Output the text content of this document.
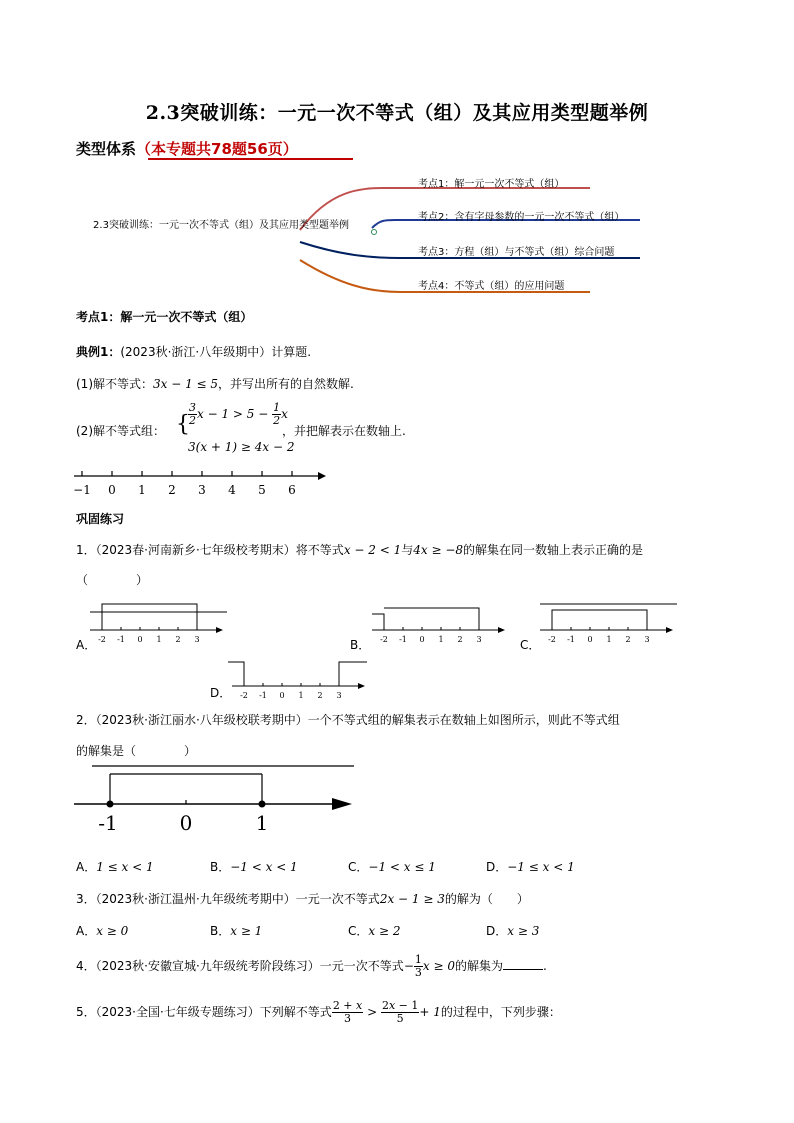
2.3突破训练：一元一次不等式（组）及其应用类型题举例
类型体系（本专题共78题56页）
2.3突破训练：一元一次不等式（组）及其应用类型题举例
考点1：解一元一次不等式（组）
考点2：含有字母参数的一元一次不等式（组）
考点3：方程（组）与不等式（组）综合问题
考点4：不等式（组）的应用问题
考点1：解一元一次不等式（组）
典例1：(2023秋·浙江·八年级期中）计算题.
(1)解不等式：3x − 1 ≤ 5，并写出所有的自然数解.
(2)解不等式组： {
$\frac{3}{2}$ $x - 1 > 5 - \frac{1}{2}$ x
3(x + 1) ≥ 4x − 2
，并把解表示在数轴上.
−1 0 1 2 3 4 5 6
巩固练习
1．（2023春·河南新乡·七年级校考期末）将不等式x − 2 < 1与4x ≥ −8的解集在同一数轴上表示正确的是
（　　　　）
A． -2 -1 0 1 2 3	B． -2 -1 0 1 2 3	C． -2 -1 0 1 2 3
D． -2 -1 0 1 2 3
2．（2023秋·浙江丽水·八年级校联考期中）一个不等式组的解集表示在数轴上如图所示，则此不等式组
的解集是（　　　　）
-1	0	1
A．1 ≤ x < 1	B．−1 < x < 1	C．−1 < x ≤ 1	D．−1 ≤ x < 1
3．（2023秋·浙江温州·九年级统考期中）一元一次不等式2x − 1 ≥ 3的解为（　　）
A．x ≥ 0	B．x ≥ 1	C．x ≥ 2	D．x ≥ 3
4．（2023秋·安徽宣城·九年级统考阶段练习）一元一次不等式− $\frac{1}{3}$ x ≥ 0的解集为	.
5．（2023·全国·七年级专题练习）下列解不等式 $\frac{2 + x}{3} > \frac{2x - 1}{5} + 1$的过程中，下列步骤：
